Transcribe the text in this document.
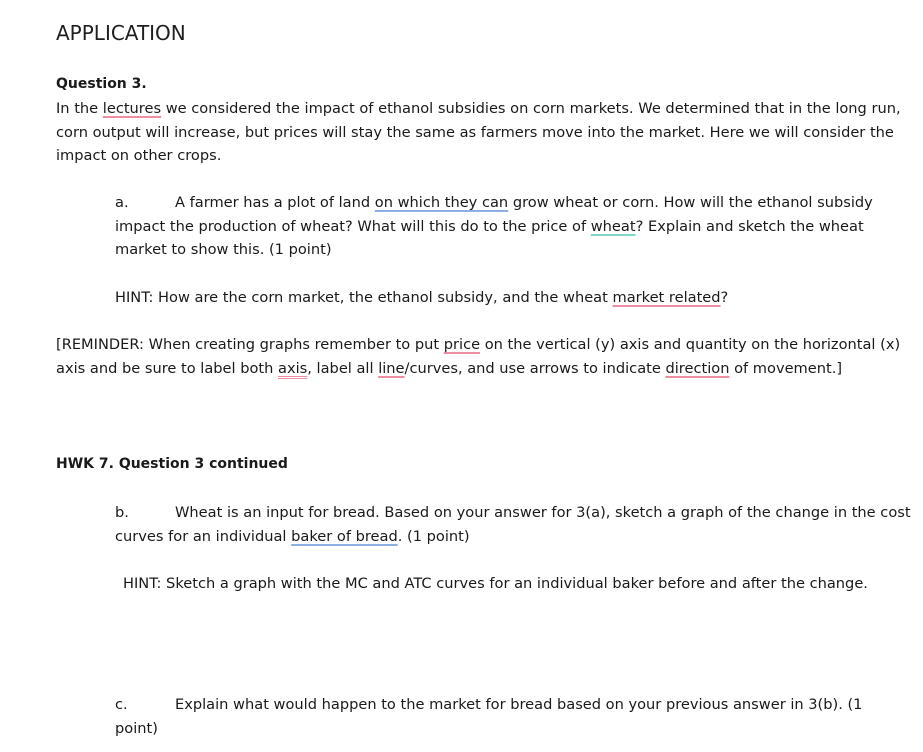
APPLICATION
Question 3.
In the lectures we considered the impact of ethanol subsidies on corn markets. We determined that in the long run,
corn output will increase, but prices will stay the same as farmers move into the market. Here we will consider the
impact on other crops.
a.	A farmer has a plot of land on which they can grow wheat or corn. How will the ethanol subsidy
impact the production of wheat? What will this do to the price of wheat? Explain and sketch the wheat
market to show this. (1 point)
HINT: How are the corn market, the ethanol subsidy, and the wheat market related?
[REMINDER: When creating graphs remember to put price on the vertical (y) axis and quantity on the horizontal (x)
axis and be sure to label both axis, label all line/curves, and use arrows to indicate direction of movement.]
HWK 7. Question 3 continued
b.	Wheat is an input for bread. Based on your answer for 3(a), sketch a graph of the change in the cost
curves for an individual baker of bread. (1 point)
HINT: Sketch a graph with the MC and ATC curves for an individual baker before and after the change.
c.	Explain what would happen to the market for bread based on your previous answer in 3(b). (1
point)
